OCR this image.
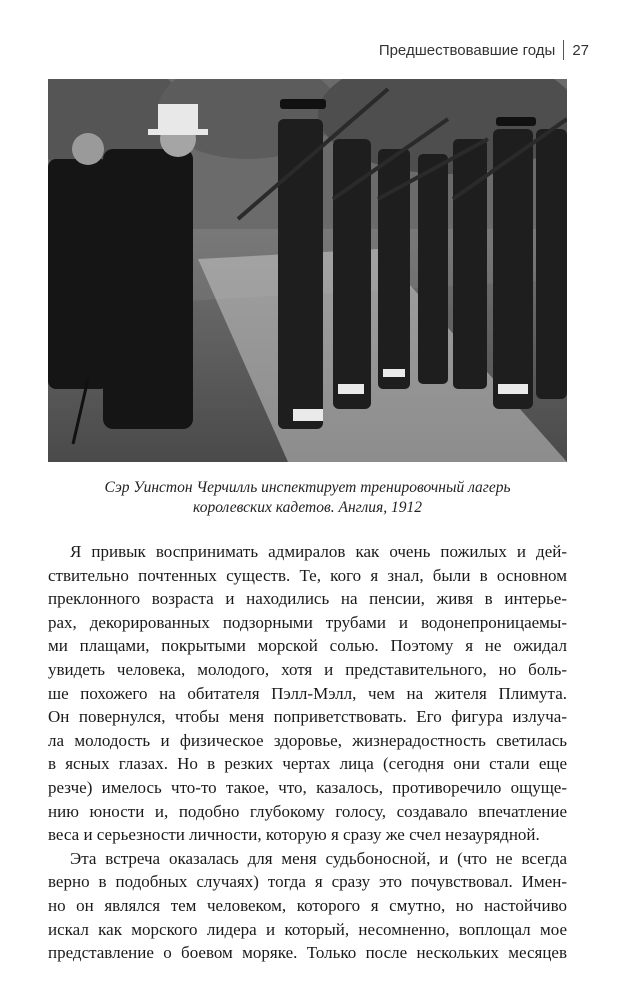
Предшествовавшие годы 27
Сэр Уинстон Черчилль инспектирует тренировочный лагерь
королевских кадетов. Англия, 1912
Я привык воспринимать адмиралов как очень пожилых и дей-
ствительно почтенных существ. Те, кого я знал, были в основном
преклонного возраста и находились на пенсии, живя в интерье-
рах, декорированных подзорными трубами и водонепроницаемы-
ми плащами, покрытыми морской солью. Поэтому я не ожидал
увидеть человека, молодого, хотя и представительного, но боль-
ше похожего на обитателя Пэлл-Мэлл, чем на жителя Плимута.
Он повернулся, чтобы меня поприветствовать. Его фигура излуча-
ла молодость и физическое здоровье, жизнерадостность светилась
в ясных глазах. Но в резких чертах лица (сегодня они стали еще
резче) имелось что-то такое, что, казалось, противоречило ощуще-
нию юности и, подобно глубокому голосу, создавало впечатление
веса и серьезности личности, которую я сразу же счел незаурядной.
Эта встреча оказалась для меня судьбоносной, и (что не всегда
верно в подобных случаях) тогда я сразу это почувствовал. Имен-
но он являлся тем человеком, которого я смутно, но настойчиво
искал как морского лидера и который, несомненно, воплощал мое
представление о боевом моряке. Только после нескольких месяцев
